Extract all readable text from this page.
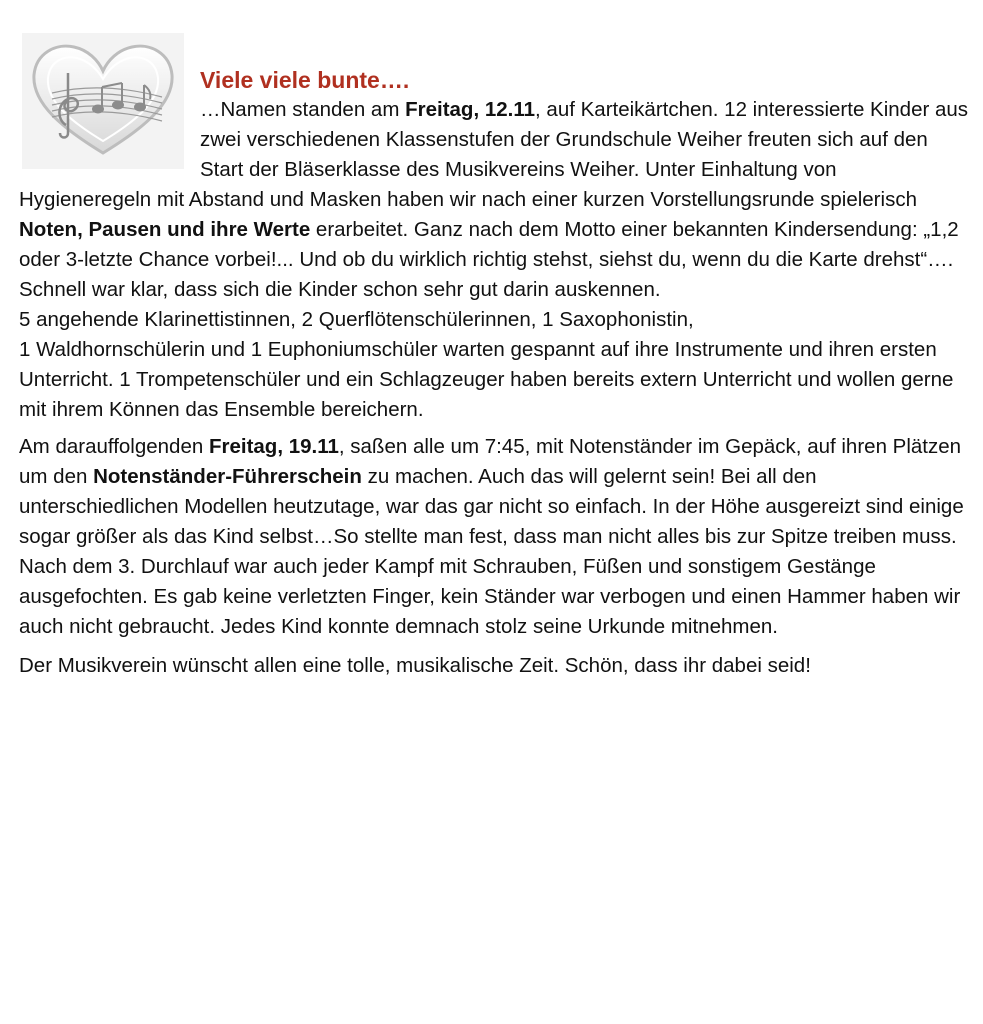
Viele viele bunte….

…Namen standen am Freitag, 12.11, auf Karteikärtchen. 12 interessierte Kinder aus zwei verschiedenen Klassenstufen der Grundschule Weiher freuten sich auf den Start der Bläserklasse des Musikvereins Weiher. Unter Einhaltung von Hygieneregeln mit Abstand und Masken haben wir nach einer kurzen Vorstellungsrunde spielerisch Noten, Pausen und ihre Werte erarbeitet. Ganz nach dem Motto einer bekannten Kindersendung: „1,2 oder 3-letzte Chance vorbei!... Und ob du wirklich richtig stehst, siehst du, wenn du die Karte drehst“…. Schnell war klar, dass sich die Kinder schon sehr gut darin auskennen.
5 angehende Klarinettistinnen, 2 Querflötenschülerinnen, 1 Saxophonistin,
1 Waldhornschülerin und 1 Euphoniumschüler warten gespannt auf ihre Instrumente und ihren ersten Unterricht. 1 Trompetenschüler und ein Schlagzeuger haben bereits extern Unterricht und wollen gerne mit ihrem Können das Ensemble bereichern.

Am darauffolgenden Freitag, 19.11, saßen alle um 7:45, mit Notenständer im Gepäck, auf ihren Plätzen um den Notenständer-Führerschein zu machen. Auch das will gelernt sein! Bei all den unterschiedlichen Modellen heutzutage, war das gar nicht so einfach. In der Höhe ausgereizt sind einige sogar größer als das Kind selbst…So stellte man fest, dass man nicht alles bis zur Spitze treiben muss. Nach dem 3. Durchlauf war auch jeder Kampf mit Schrauben, Füßen und sonstigem Gestänge ausgefochten. Es gab keine verletzten Finger, kein Ständer war verbogen und einen Hammer haben wir auch nicht gebraucht. Jedes Kind konnte demnach stolz seine Urkunde mitnehmen.

Der Musikverein wünscht allen eine tolle, musikalische Zeit. Schön, dass ihr dabei seid!
